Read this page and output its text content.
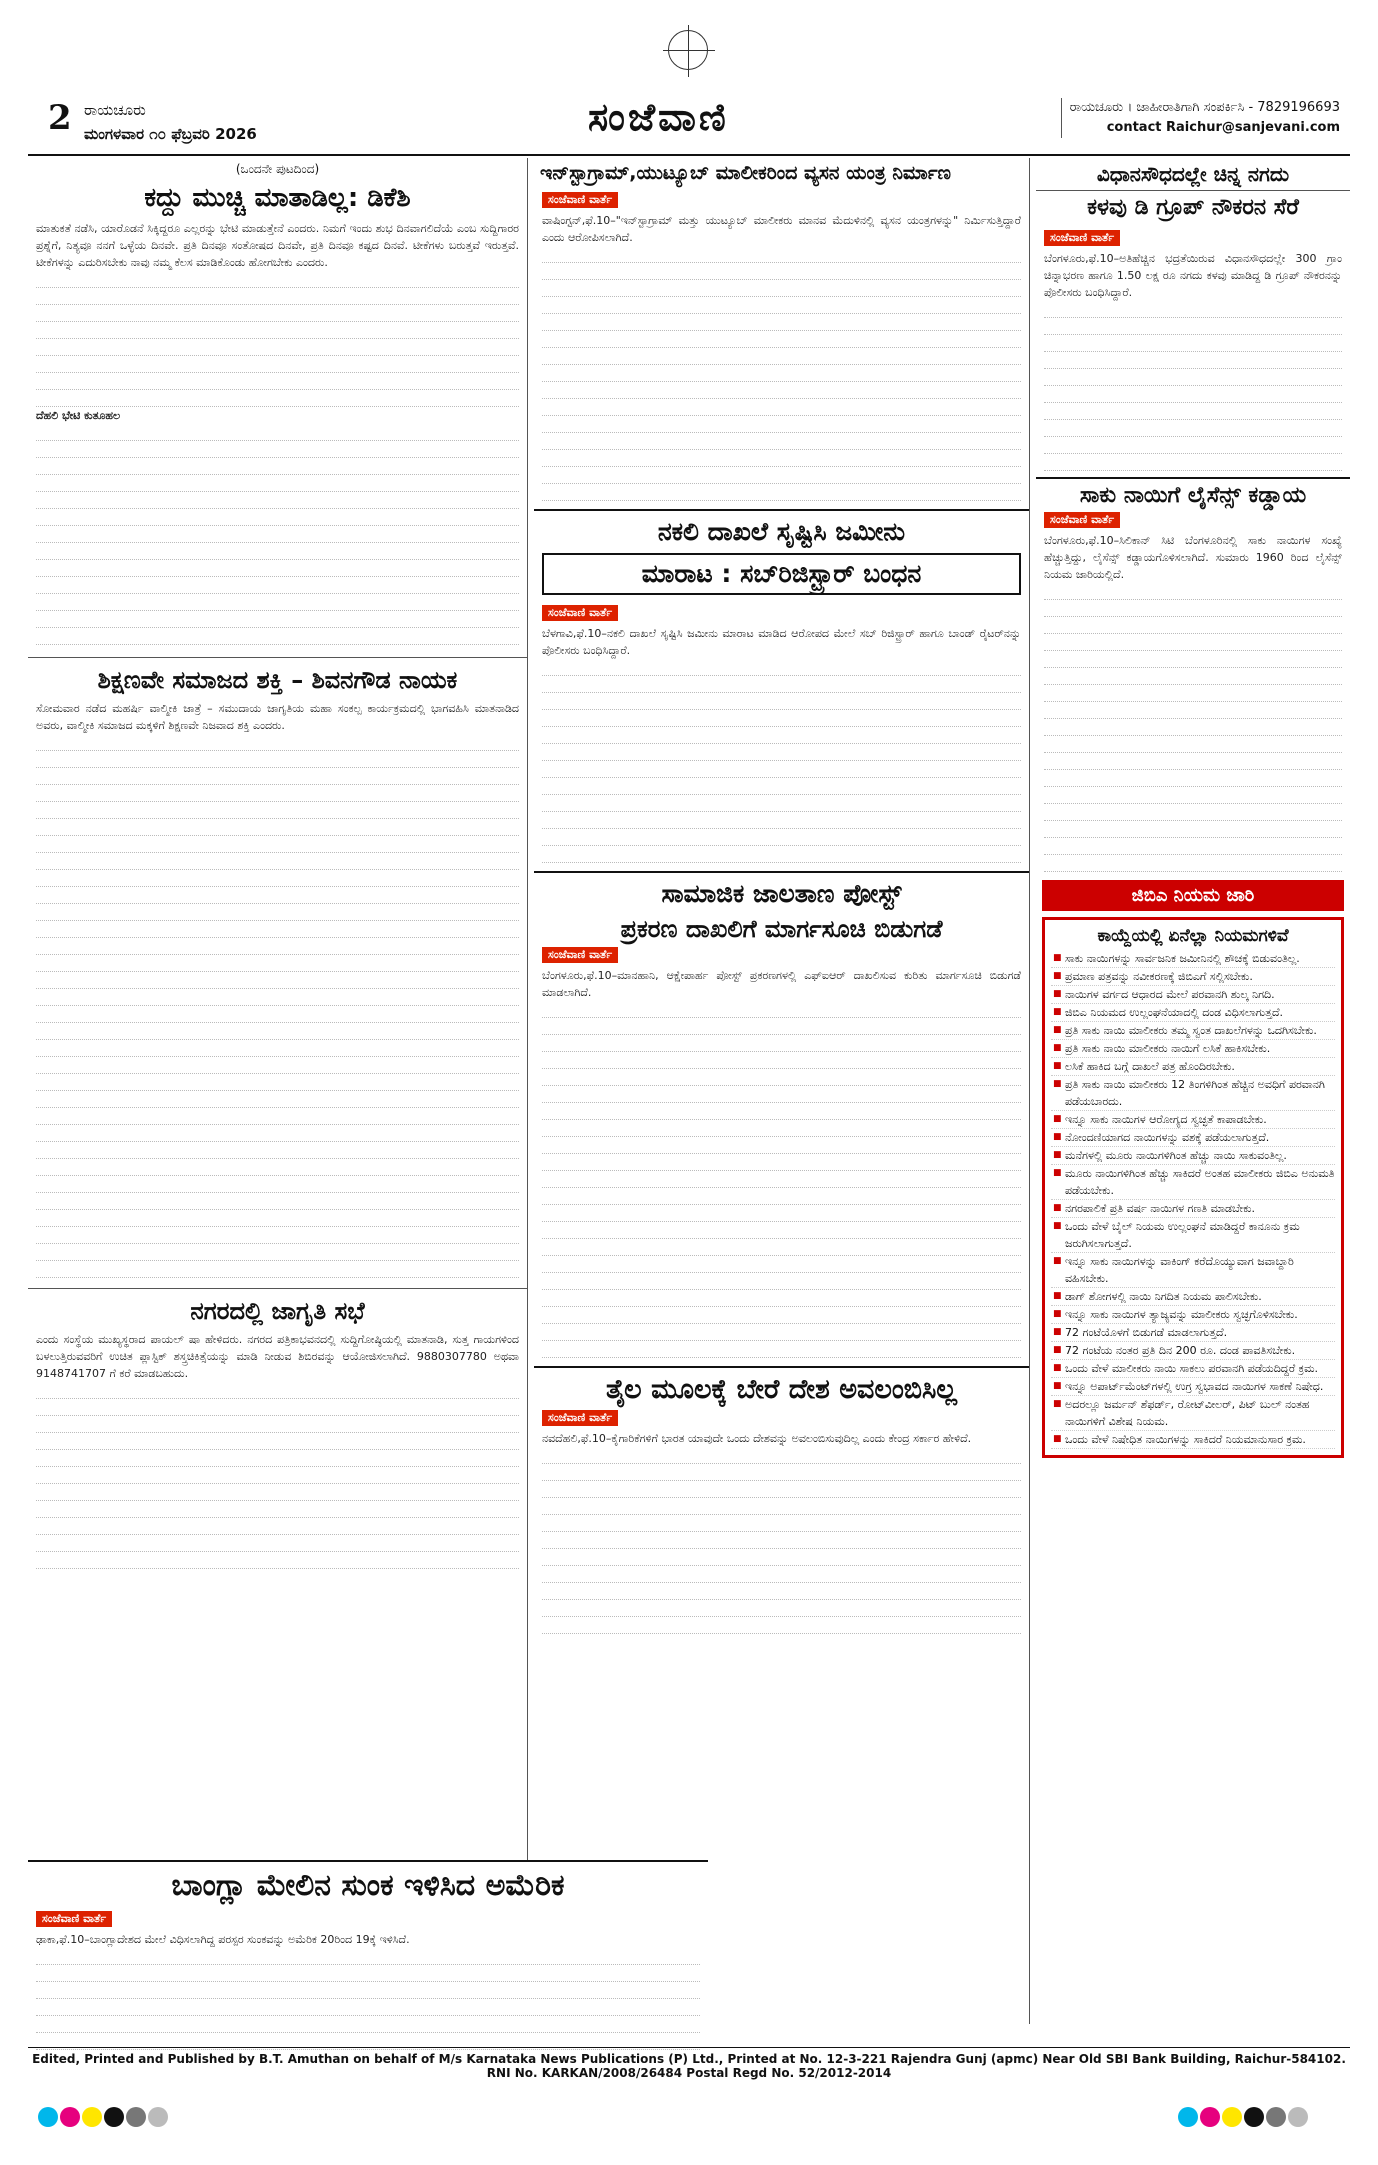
2 ರಾಯಚೂರು
ಮಂಗಳವಾರ ೧೦ ಫೆಬ್ರವರಿ 2026	ಸಂಜೆವಾಣಿ	ರಾಯಚೂರು । ಜಾಹೀರಾತಿಗಾಗಿ ಸಂಪರ್ಕಿಸಿ - 7829196693
contact Raichur@sanjevani.com
(ಒಂದನೇ ಪುಟದಿಂದ)
ಕದ್ದು ಮುಚ್ಚಿ ಮಾತಾಡಿಲ್ಲ: ಡಿಕೆಶಿ
ಮಾತುಕತೆ ನಡೆಸಿ, ಯಾರೊಡನೆ ಸಿಕ್ಕಿದ್ದರೂ ಎಲ್ಲರನ್ನು ಭೇಟಿ ಮಾಡುತ್ತೇನೆ ಎಂದರು. ನಿಮಗೆ ಇಂದು ಶುಭ ದಿನವಾಗಲಿದೆಯೆ ಎಂಬ ಸುದ್ದಿಗಾರರ ಪ್ರಶ್ನೆಗೆ, ನಿತ್ಯವೂ ನನಗೆ ಒಳ್ಳೆಯ ದಿನವೇ. ಪ್ರತಿ ದಿನವೂ ಸಂತೋಷದ ದಿನವೇ, ಪ್ರತಿ ದಿನವೂ ಕಷ್ಟದ ದಿನವೆ. ಟೀಕೆಗಳು ಬರುತ್ತವೆ ಇರುತ್ತವೆ. ಟೀಕೆಗಳನ್ನು ಎದುರಿಸಬೇಕು ನಾವು ನಮ್ಮ ಕೆಲಸ ಮಾಡಿಕೊಂಡು ಹೋಗಬೇಕು ಎಂದರು.
ದೆಹಲಿ ಭೇಟಿ ಕುತೂಹಲ
ಶಿಕ್ಷಣವೇ ಸಮಾಜದ ಶಕ್ತಿ – ಶಿವನಗೌಡ ನಾಯಕ
ಸೋಮವಾರ ನಡೆದ ಮಹರ್ಷಿ ವಾಲ್ಮೀಕಿ ಜಾತ್ರೆ – ಸಮುದಾಯ ಜಾಗೃತಿಯ ಮಹಾ ಸಂಕಲ್ಪ ಕಾರ್ಯಕ್ರಮದಲ್ಲಿ ಭಾಗವಹಿಸಿ ಮಾತನಾಡಿದ ಅವರು, ವಾಲ್ಮೀಕಿ ಸಮಾಜದ ಮಕ್ಕಳಿಗೆ ಶಿಕ್ಷಣವೇ ನಿಜವಾದ ಶಕ್ತಿ ಎಂದರು.
ನಗರದಲ್ಲಿ ಜಾಗೃತಿ ಸಭೆ
ಎಂದು ಸಂಸ್ಥೆಯ ಮುಖ್ಯಸ್ಥರಾದ ಪಾಯಲ್ ಷಾ ಹೇಳಿದರು. ನಗರದ ಪತ್ರಿಕಾಭವನದಲ್ಲಿ ಸುದ್ದಿಗೋಷ್ಠಿಯಲ್ಲಿ ಮಾತನಾಡಿ, ಸುತ್ತ ಗಾಯಗಳಿಂದ ಬಳಲುತ್ತಿರುವವರಿಗೆ ಉಚಿತ ಪ್ಲಾಸ್ಟಿಕ್ ಶಸ್ತ್ರಚಿಕಿತ್ಸೆಯನ್ನು ಮಾಡಿ ನೀಡುವ ಶಿಬಿರವನ್ನು ಆಯೋಜಿಸಲಾಗಿದೆ. 9880307780 ಅಥವಾ 9148741707 ಗೆ ಕರೆ ಮಾಡಬಹುದು.
ಬಾಂಗ್ಲಾ ಮೇಲಿನ ಸುಂಕ ಇಳಿಸಿದ ಅಮೆರಿಕ
ಸಂಜೆವಾಣಿ ವಾರ್ತೆ
ಢಾಕಾ,ಫೆ.10–ಬಾಂಗ್ಲಾದೇಶದ ಮೇಲೆ ವಿಧಿಸಲಾಗಿದ್ದ ಪರಸ್ಪರ ಸುಂಕವನ್ನು ಅಮೆರಿಕ 20ರಿಂದ 19ಕ್ಕೆ ಇಳಿಸಿದೆ.
ಇನ್‌ಸ್ಟಾಗ್ರಾಮ್,ಯುಟ್ಯೂಬ್ ಮಾಲೀಕರಿಂದ ವ್ಯಸನ ಯಂತ್ರ ನಿರ್ಮಾಣ
ಸಂಜೆವಾಣಿ ವಾರ್ತೆ
ವಾಷಿಂಗ್ಟನ್,ಫೆ.10–"ಇನ್‌ಸ್ಟಾಗ್ರಾಮ್ ಮತ್ತು ಯುಟ್ಯೂಬ್ ಮಾಲೀಕರು ಮಾನವ ಮೆದುಳಿನಲ್ಲಿ ವ್ಯಸನ ಯಂತ್ರಗಳನ್ನು" ನಿರ್ಮಿಸುತ್ತಿದ್ದಾರೆ ಎಂದು ಆರೋಪಿಸಲಾಗಿದೆ.
ನಕಲಿ ದಾಖಲೆ ಸೃಷ್ಟಿಸಿ ಜಮೀನು
ಮಾರಾಟ : ಸಬ್‌ರಿಜಿಸ್ಟ್ರಾರ್ ಬಂಧನ
ಸಂಜೆವಾಣಿ ವಾರ್ತೆ
ಬೆಳಗಾವಿ,ಫೆ.10–ನಕಲಿ ದಾಖಲೆ ಸೃಷ್ಟಿಸಿ ಜಮೀನು ಮಾರಾಟ ಮಾಡಿದ ಆರೋಪದ ಮೇಲೆ ಸಬ್ ರಿಜಿಸ್ಟ್ರಾರ್ ಹಾಗೂ ಬಾಂಡ್ ರೈಟರ್‌ನನ್ನು ಪೊಲೀಸರು ಬಂಧಿಸಿದ್ದಾರೆ.
ಸಾಮಾಜಿಕ ಜಾಲತಾಣ ಪೋಸ್ಟ್
ಪ್ರಕರಣ ದಾಖಲಿಗೆ ಮಾರ್ಗಸೂಚಿ ಬಿಡುಗಡೆ
ಸಂಜೆವಾಣಿ ವಾರ್ತೆ
ಬೆಂಗಳೂರು,ಫೆ.10–ಮಾನಹಾನಿ, ಆಕ್ಷೇಪಾರ್ಹ ಪೋಸ್ಟ್ ಪ್ರಕರಣಗಳಲ್ಲಿ ಎಫ್‌ಐಆರ್ ದಾಖಲಿಸುವ ಕುರಿತು ಮಾರ್ಗಸೂಚಿ ಬಿಡುಗಡೆ ಮಾಡಲಾಗಿದೆ.
ತೈಲ ಮೂಲಕ್ಕೆ ಬೇರೆ ದೇಶ ಅವಲಂಬಿಸಿಲ್ಲ
ಸಂಜೆವಾಣಿ ವಾರ್ತೆ
ನವದೆಹಲಿ,ಫೆ.10–ಕೈಗಾರಿಕೆಗಳಿಗೆ ಭಾರತ ಯಾವುದೇ ಒಂದು ದೇಶವನ್ನು ಅವಲಂಬಿಸುವುದಿಲ್ಲ ಎಂದು ಕೇಂದ್ರ ಸರ್ಕಾರ ಹೇಳಿದೆ.
ವಿಧಾನಸೌಧದಲ್ಲೇ ಚಿನ್ನ ನಗದು
ಕಳವು ಡಿ ಗ್ರೂಪ್ ನೌಕರನ ಸೆರೆ
ಸಂಜೆವಾಣಿ ವಾರ್ತೆ
ಬೆಂಗಳೂರು,ಫೆ.10–ಅತಿಹೆಚ್ಚಿನ ಭದ್ರತೆಯಿರುವ ವಿಧಾನಸೌಧದಲ್ಲೇ 300 ಗ್ರಾಂ ಚಿನ್ನಾಭರಣ ಹಾಗೂ 1.50 ಲಕ್ಷ ರೂ ನಗದು ಕಳವು ಮಾಡಿದ್ದ ಡಿ ಗ್ರೂಪ್ ನೌಕರನನ್ನು ಪೊಲೀಸರು ಬಂಧಿಸಿದ್ದಾರೆ.
ಸಾಕು ನಾಯಿಗೆ ಲೈಸೆನ್ಸ್ ಕಡ್ಡಾಯ
ಸಂಜೆವಾಣಿ ವಾರ್ತೆ
ಬೆಂಗಳೂರು,ಫೆ.10–ಸಿಲಿಕಾನ್ ಸಿಟಿ ಬೆಂಗಳೂರಿನಲ್ಲಿ ಸಾಕು ನಾಯಿಗಳ ಸಂಖ್ಯೆ ಹೆಚ್ಚುತ್ತಿದ್ದು, ಲೈಸೆನ್ಸ್ ಕಡ್ಡಾಯಗೊಳಿಸಲಾಗಿದೆ. ಸುಮಾರು 1960 ರಿಂದ ಲೈಸೆನ್ಸ್ ನಿಯಮ ಜಾರಿಯಲ್ಲಿದೆ.
ಜಿಬಿಎ ನಿಯಮ ಜಾರಿ
ಕಾಯ್ದೆಯಲ್ಲಿ ಏನೆಲ್ಲಾ ನಿಯಮಗಳಿವೆ
■ ಸಾಕು ನಾಯಿಗಳನ್ನು ಸಾರ್ವಜನಿಕ ಜಮೀನಿನಲ್ಲಿ ಶೌಚಕ್ಕೆ ಬಿಡುವಂತಿಲ್ಲ.
■ ಪ್ರಮಾಣ ಪತ್ರವನ್ನು ನವೀಕರಣಕ್ಕೆ ಜಿಬಿಎಗೆ ಸಲ್ಲಿಸಬೇಕು.
■ ನಾಯಿಗಳ ವರ್ಗದ ಆಧಾರದ ಮೇಲೆ ಪರವಾನಗಿ ಶುಲ್ಕ ನಿಗದಿ.
■ ಜಿಬಿಎ ನಿಯಮದ ಉಲ್ಲಂಘನೆಯಾದಲ್ಲಿ ದಂಡ ವಿಧಿಸಲಾಗುತ್ತದೆ.
■ ಪ್ರತಿ ಸಾಕು ನಾಯಿ ಮಾಲೀಕರು ತಮ್ಮ ಸ್ವಂತ ದಾಖಲೆಗಳನ್ನು ಒದಗಿಸಬೇಕು.
■ ಪ್ರತಿ ಸಾಕು ನಾಯಿ ಮಾಲೀಕರು ನಾಯಿಗೆ ಲಸಿಕೆ ಹಾಕಿಸಬೇಕು.
■ ಲಸಿಕೆ ಹಾಕಿದ ಬಗ್ಗೆ ದಾಖಲೆ ಪತ್ರ ಹೊಂದಿರಬೇಕು.
■ ಪ್ರತಿ ಸಾಕು ನಾಯಿ ಮಾಲೀಕರು 12 ತಿಂಗಳಿಗಿಂತ ಹೆಚ್ಚಿನ ಅವಧಿಗೆ ಪರವಾನಗಿ ಪಡೆಯಬಾರದು.
■ ಇನ್ನೂ ಸಾಕು ನಾಯಿಗಳ ಆರೋಗ್ಯದ ಸ್ವಚ್ಛತೆ ಕಾಪಾಡಬೇಕು.
■ ನೋಂದಣಿಯಾಗದ ನಾಯಿಗಳನ್ನು ವಶಕ್ಕೆ ಪಡೆಯಲಾಗುತ್ತದೆ.
■ ಮನೆಗಳಲ್ಲಿ ಮೂರು ನಾಯಿಗಳಿಗಿಂತ ಹೆಚ್ಚು ನಾಯಿ ಸಾಕುವಂತಿಲ್ಲ.
■ ಮೂರು ನಾಯಿಗಳಿಗಿಂತ ಹೆಚ್ಚು ಸಾಕಿದರೆ ಅಂತಹ ಮಾಲೀಕರು ಜಿಬಿಎ ಅನುಮತಿ ಪಡೆಯಬೇಕು.
■ ನಗರಪಾಲಿಕೆ ಪ್ರತಿ ವರ್ಷ ನಾಯಿಗಳ ಗಣತಿ ಮಾಡಬೇಕು.
■ ಒಂದು ವೇಳೆ ಬೈಲ್ ನಿಯಮ ಉಲ್ಲಂಘನೆ ಮಾಡಿದ್ದರೆ ಕಾನೂನು ಕ್ರಮ ಜರುಗಿಸಲಾಗುತ್ತದೆ.
■ ಇನ್ನೂ ಸಾಕು ನಾಯಿಗಳನ್ನು ವಾಕಿಂಗ್ ಕರೆದೊಯ್ಯುವಾಗ ಜವಾಬ್ದಾರಿ ವಹಿಸಬೇಕು.
■ ಡಾಗ್ ಶೋಗಳಲ್ಲಿ ನಾಯಿ ನಿಗದಿತ ನಿಯಮ ಪಾಲಿಸಬೇಕು.
■ ಇನ್ನೂ ಸಾಕು ನಾಯಿಗಳ ತ್ಯಾಜ್ಯವನ್ನು ಮಾಲೀಕರು ಸ್ವಚ್ಛಗೊಳಿಸಬೇಕು.
■ 72 ಗಂಟೆಯೊಳಗೆ ಬಿಡುಗಡೆ ಮಾಡಲಾಗುತ್ತದೆ.
■ 72 ಗಂಟೆಯ ನಂತರ ಪ್ರತಿ ದಿನ 200 ರೂ. ದಂಡ ಪಾವತಿಸಬೇಕು.
■ ಒಂದು ವೇಳೆ ಮಾಲೀಕರು ನಾಯಿ ಸಾಕಲು ಪರವಾನಗಿ ಪಡೆಯದಿದ್ದರೆ ಕ್ರಮ.
■ ಇನ್ನೂ ಅಪಾರ್ಟ್‌ಮೆಂಟ್‌ಗಳಲ್ಲಿ ಉಗ್ರ ಸ್ವಭಾವದ ನಾಯಿಗಳ ಸಾಕಣೆ ನಿಷೇಧ.
■ ಅದರಲ್ಲೂ ಜರ್ಮನ್ ಶೆಫರ್ಡ್, ರೋಟ್‌ವೀಲರ್, ಪಿಟ್ ಬುಲ್ ನಂತಹ ನಾಯಿಗಳಿಗೆ ವಿಶೇಷ ನಿಯಮ.
■ ಒಂದು ವೇಳೆ ನಿಷೇಧಿತ ನಾಯಿಗಳನ್ನು ಸಾಕಿದರೆ ನಿಯಮಾನುಸಾರ ಕ್ರಮ.
Edited, Printed and Published by B.T. Amuthan on behalf of M/s Karnataka News Publications (P) Ltd., Printed at No. 12-3-221 Rajendra Gunj (apmc) Near Old SBI Bank Building, Raichur-584102. RNI No. KARKAN/2008/26484 Postal Regd No. 52/2012-2014
